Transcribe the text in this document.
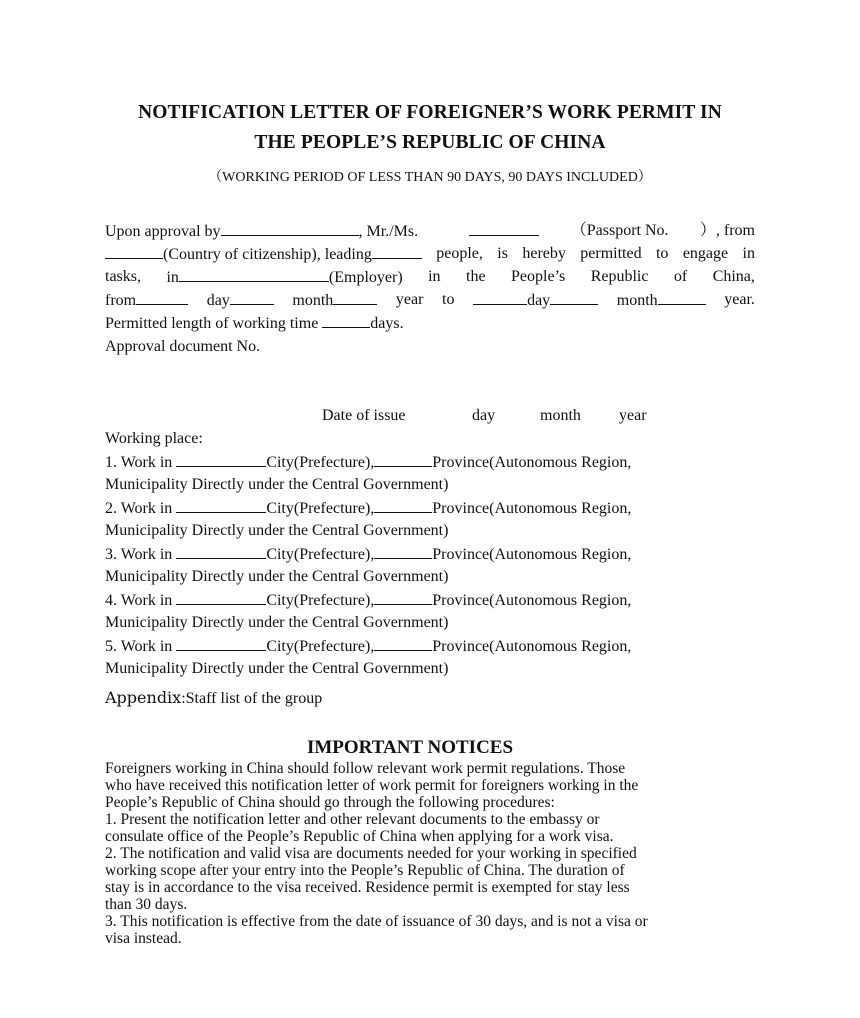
NOTIFICATION LETTER OF FOREIGNER’S WORK PERMIT IN
THE PEOPLE’S REPUBLIC OF CHINA
（WORKING PERIOD OF LESS THAN 90 DAYS, 90 DAYS INCLUDED）
Upon approval by	, Mr./Ms.	（Passport No. ）, from
(Country of citizenship), leading	people, is hereby permitted to engage in
tasks, in	(Employer) in the People’s Republic of China,
from	day	month	year to	day	month	year.
Permitted length of working time	days.
Approval document No.
Date of issue	day	month year
Working place:
1. Work in	City(Prefecture),	Province(Autonomous Region,
Municipality Directly under the Central Government)
2. Work in	City(Prefecture),	Province(Autonomous Region,
Municipality Directly under the Central Government)
3. Work in	City(Prefecture),	Province(Autonomous Region,
Municipality Directly under the Central Government)
4. Work in	City(Prefecture),	Province(Autonomous Region,
Municipality Directly under the Central Government)
5. Work in	City(Prefecture),	Province(Autonomous Region,
Municipality Directly under the Central Government)
Appendix:Staff list of the group
IMPORTANT NOTICES
Foreigners working in China should follow relevant work permit regulations. Those
who have received this notification letter of work permit for foreigners working in the
People’s Republic of China should go through the following procedures:
1. Present the notification letter and other relevant documents to the embassy or
consulate office of the People’s Republic of China when applying for a work visa.
2. The notification and valid visa are documents needed for your working in specified
working scope after your entry into the People’s Republic of China. The duration of
stay is in accordance to the visa received. Residence permit is exempted for stay less
than 30 days.
3. This notification is effective from the date of issuance of 30 days, and is not a visa or
visa instead.
